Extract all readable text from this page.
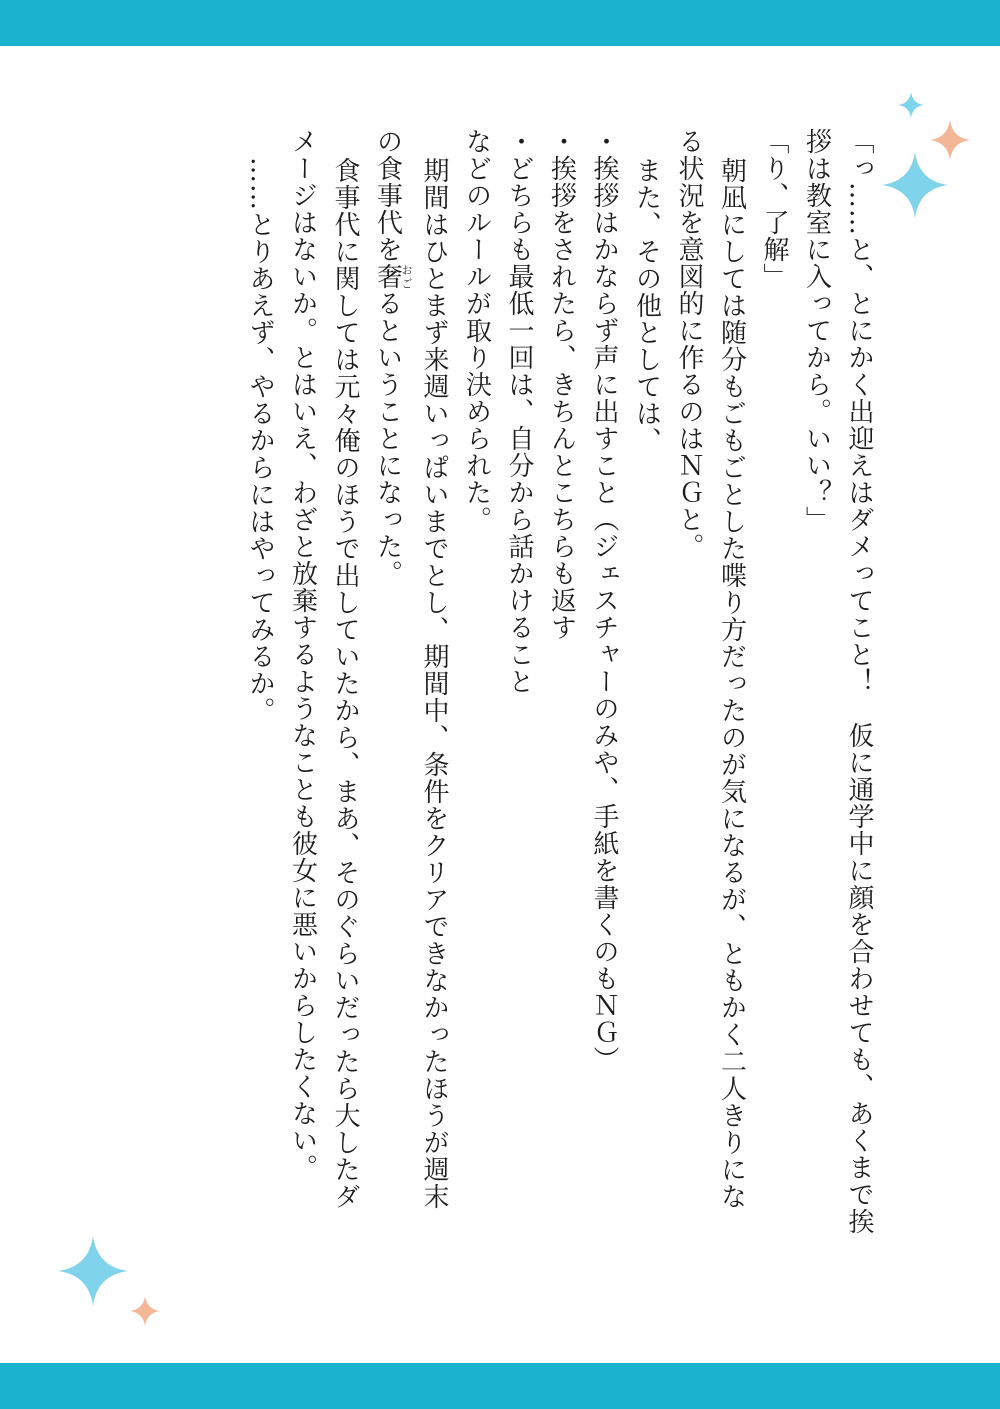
「っ……と、とにかく出迎えはダメってこと！　仮に通学中に顔を合わせても、あくまで挨
拶は教室に入ってから。いい？」
「り、了解」
朝凪にしては随分もごもごとした喋り方だったのが気になるが、ともかく二人きりにな
る状況を意図的に作るのはＮＧと。
また、その他としては、
・挨拶はかならず声に出すこと（ジェスチャーのみや、手紙を書くのもＮＧ）
・挨拶をされたら、きちんとこちらも返す
・どちらも最低一回は、自分から話かけること
などのルールが取り決められた。
期間はひとまず来週いっぱいまでとし、期間中、条件をクリアできなかったほうが週末
の食事代を奢おごるということになった。
食事代に関しては元々俺のほうで出していたから、まあ、そのぐらいだったら大したダ
メージはないか。とはいえ、わざと放棄するようなことも彼女に悪いからしたくない。
……とりあえず、やるからにはやってみるか。
